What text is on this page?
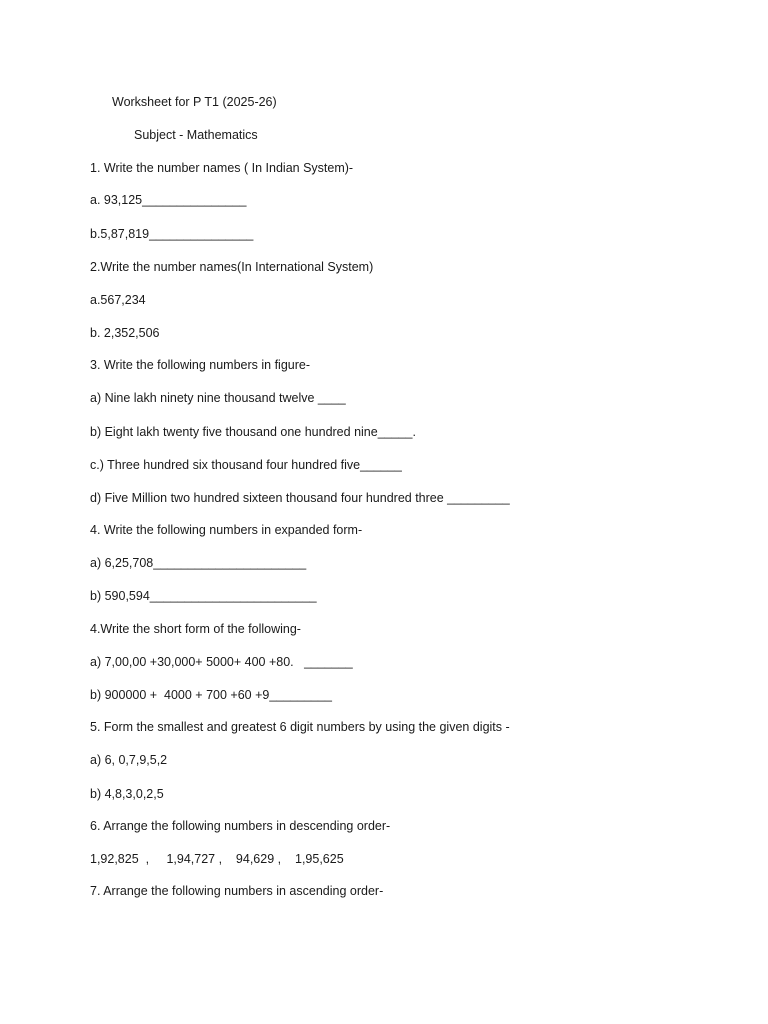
Worksheet for P T1 (2025-26)
Subject - Mathematics
1. Write the number names ( In Indian System)-
a. 93,125_______________
b.5,87,819_______________
2.Write the number names(In International System)
a.567,234
b. 2,352,506
3. Write the following numbers in figure-
a) Nine lakh ninety nine thousand twelve ____
b) Eight lakh twenty five thousand one hundred nine_____.
c.) Three hundred six thousand four hundred five______
d) Five Million two hundred sixteen thousand four hundred three _________
4. Write the following numbers in expanded form-
a) 6,25,708______________________
b) 590,594________________________
4.Write the short form of the following-
a) 7,00,00 +30,000+ 5000+ 400 +80.   _______
b) 900000 +  4000 + 700 +60 +9_________
5. Form the smallest and greatest 6 digit numbers by using the given digits -
a) 6, 0,7,9,5,2
b) 4,8,3,0,2,5
6. Arrange the following numbers in descending order-
1,92,825  ,     1,94,727 ,    94,629 ,    1,95,625
7. Arrange the following numbers in ascending order-
